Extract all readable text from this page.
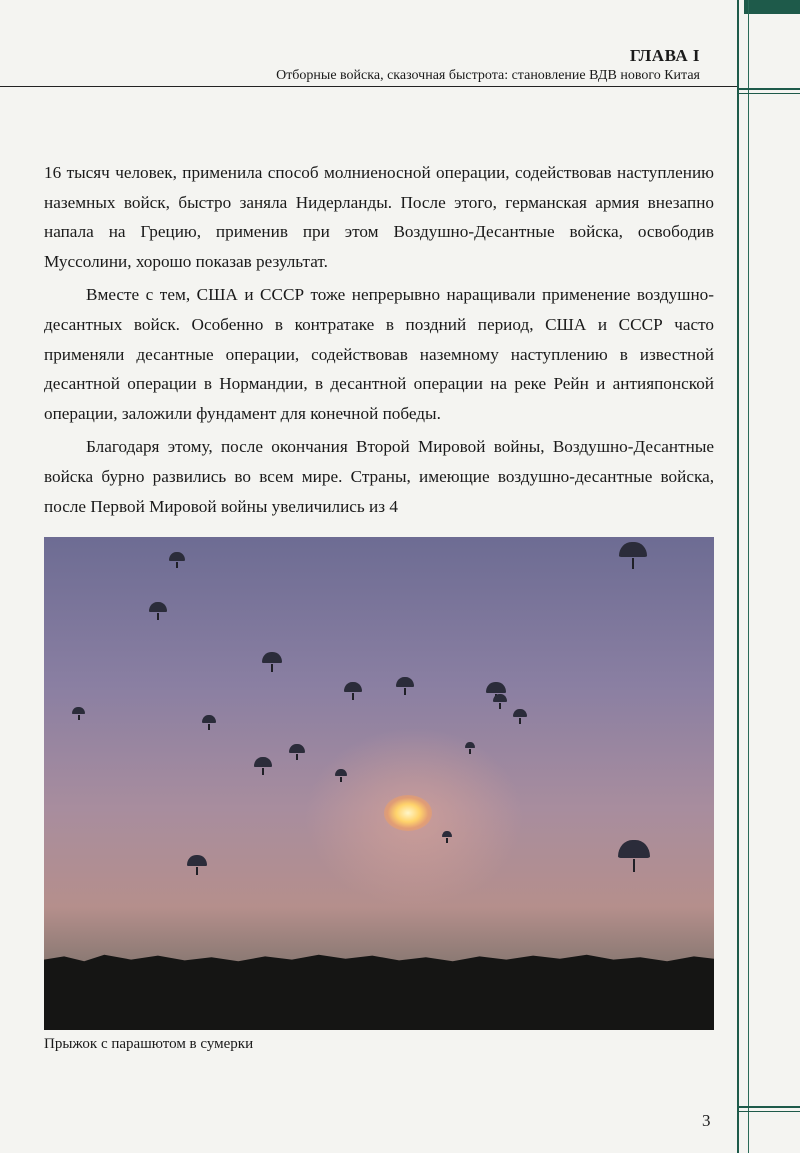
ГЛАВА I
Отборные войска, сказочная быстрота: становление ВДВ нового Китая

16 тысяч человек, применила способ молниеносной операции, содействовав наступлению наземных войск, быстро заняла Нидерланды. После этого, германская армия внезапно напала на Грецию, применив при этом Воздушно-Десантные войска, освободив Муссолини, хорошо показав результат.

Вместе с тем, США и СССР тоже непрерывно наращивали применение воздушно-десантных войск. Особенно в контратаке в поздний период, США и СССР часто применяли десантные операции, содействовав наземному наступлению в известной десантной операции в Нормандии, в десантной операции на реке Рейн и антияпонской операции, заложили фундамент для конечной победы.

Благодаря этому, после окончания Второй Мировой войны, Воздушно-Десантные войска бурно развились во всем мире. Страны, имеющие воздушно-десантные войска, после Первой Мировой войны увеличились из 4

Прыжок с парашютом в сумерки
3
